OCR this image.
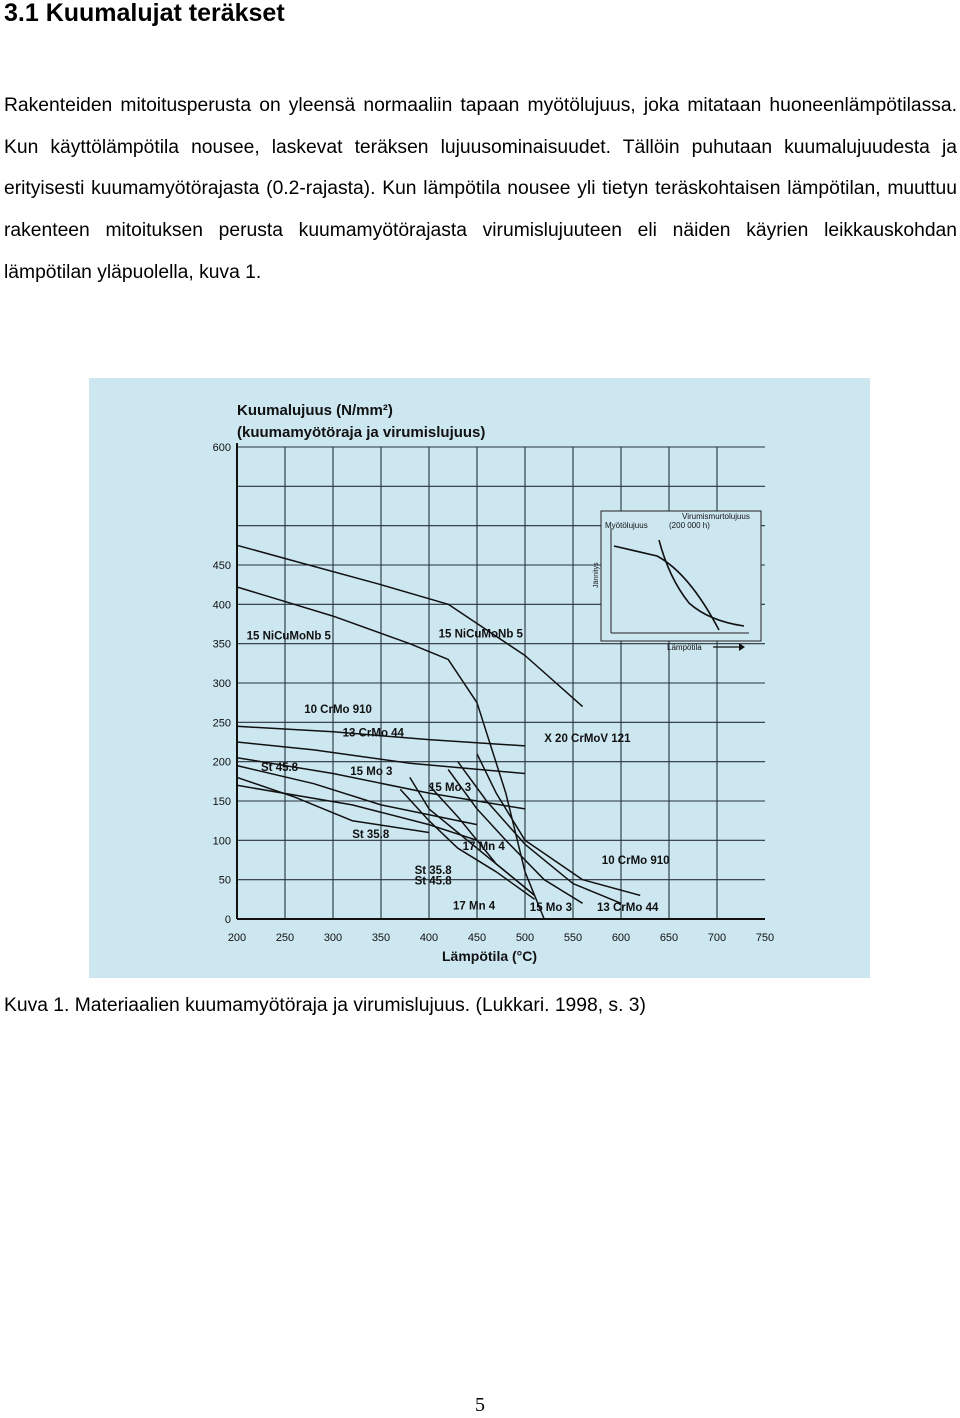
3.1 Kuumalujat teräkset

Rakenteiden mitoitusperusta on yleensä normaaliin tapaan myötölujuus, joka mitataan huoneenlämpötilassa. Kun käyttölämpötila nousee, laskevat teräksen lujuusominaisuudet. Tällöin puhutaan kuumalujuudesta ja erityisesti kuumamyötörajasta (0.2-rajasta). Kun lämpötila nousee yli tietyn teräskohtaisen lämpötilan, muuttuu rakenteen mitoituksen perusta kuumamyötörajasta virumislujuuteen eli näiden käyrien leikkauskohdan lämpötilan yläpuolella, kuva 1.

200	250	300	350	400	450	500	550	600	650	700	750
600
450
400
350
300
250
200
150
100
50
0
15 NiCuMoNb 5	15 NiCuMoNb 5
X 20 CrMoV 121
10 CrMo 910
13 CrMo 44
St 45.8	15 Mo 3
15 Mo 3
St 35.8
17 Mn 4
10 CrMo 910
St 35.8
St 45.8
17 Mn 4	15 Mo 3 13 CrMo 44
Kuumalujuus (N/mm²)
(kuumamyötöraja ja virumislujuus)
Lämpötila (°C)
Myötölujuus
Virumismurtolujuus
(200 000 h)
Jännitys
Lämpötila

Kuva 1. Materiaalien kuumamyötöraja ja virumislujuus. (Lukkari. 1998, s. 3)

5
